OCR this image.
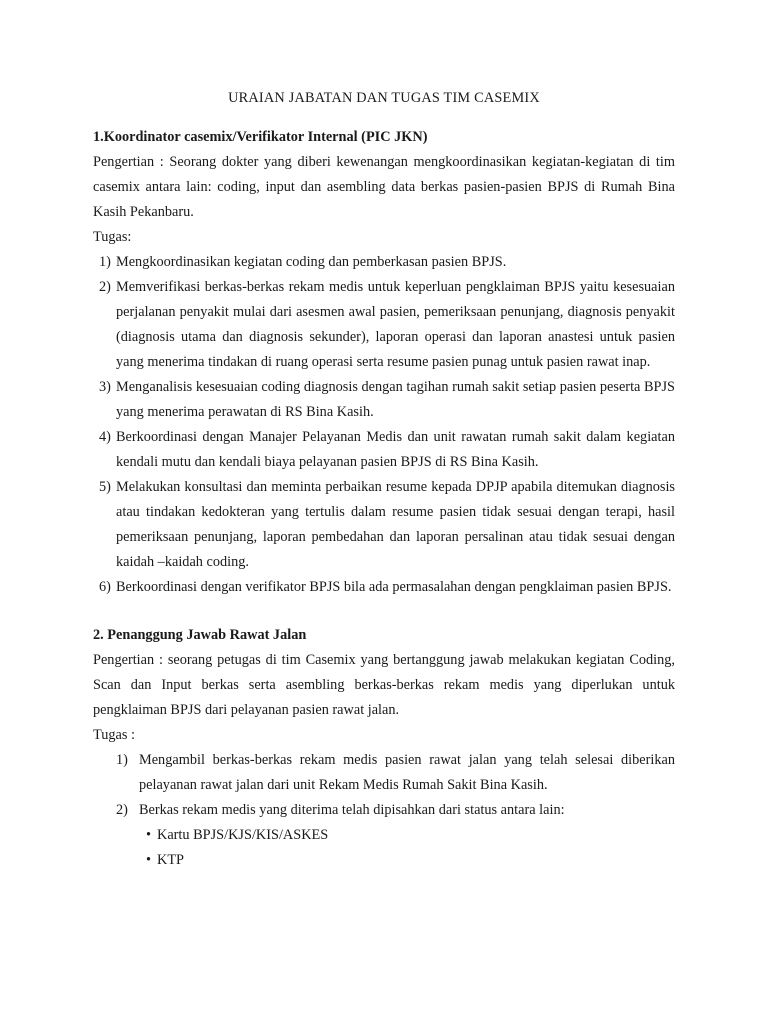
URAIAN JABATAN DAN TUGAS TIM CASEMIX
1.Koordinator casemix/Verifikator Internal (PIC JKN)
Pengertian : Seorang dokter yang diberi kewenangan mengkoordinasikan kegiatan-kegiatan di tim casemix antara lain: coding, input dan asembling data berkas pasien-pasien BPJS di Rumah Bina Kasih Pekanbaru.
Tugas:
1) Mengkoordinasikan kegiatan coding dan pemberkasan pasien BPJS.
2) Memverifikasi berkas-berkas rekam medis untuk keperluan pengklaiman BPJS yaitu kesesuaian perjalanan penyakit mulai dari asesmen awal pasien, pemeriksaan penunjang, diagnosis penyakit (diagnosis utama dan diagnosis sekunder), laporan operasi dan laporan anastesi untuk pasien yang menerima tindakan di ruang operasi serta resume pasien punag untuk pasien rawat inap.
3) Menganalisis kesesuaian coding diagnosis dengan tagihan rumah sakit setiap pasien peserta BPJS yang menerima perawatan di RS Bina Kasih.
4) Berkoordinasi dengan Manajer Pelayanan Medis dan unit rawatan rumah sakit dalam kegiatan kendali mutu dan kendali biaya pelayanan pasien BPJS di RS Bina Kasih.
5) Melakukan konsultasi dan meminta perbaikan resume kepada DPJP apabila ditemukan diagnosis atau tindakan kedokteran yang tertulis dalam resume pasien tidak sesuai dengan terapi, hasil pemeriksaan penunjang, laporan pembedahan dan laporan persalinan atau tidak sesuai dengan kaidah –kaidah coding.
6) Berkoordinasi dengan verifikator BPJS bila ada permasalahan dengan pengklaiman pasien BPJS.
2. Penanggung Jawab Rawat Jalan
Pengertian : seorang petugas di tim Casemix yang bertanggung jawab melakukan kegiatan Coding, Scan dan Input berkas serta asembling berkas-berkas rekam medis yang diperlukan untuk pengklaiman BPJS dari pelayanan pasien rawat jalan.
Tugas :
1) Mengambil berkas-berkas rekam medis pasien rawat jalan yang telah selesai diberikan pelayanan rawat jalan dari unit Rekam Medis Rumah Sakit Bina Kasih.
2) Berkas rekam medis yang diterima telah dipisahkan dari status antara lain:
• Kartu BPJS/KJS/KIS/ASKES
• KTP
